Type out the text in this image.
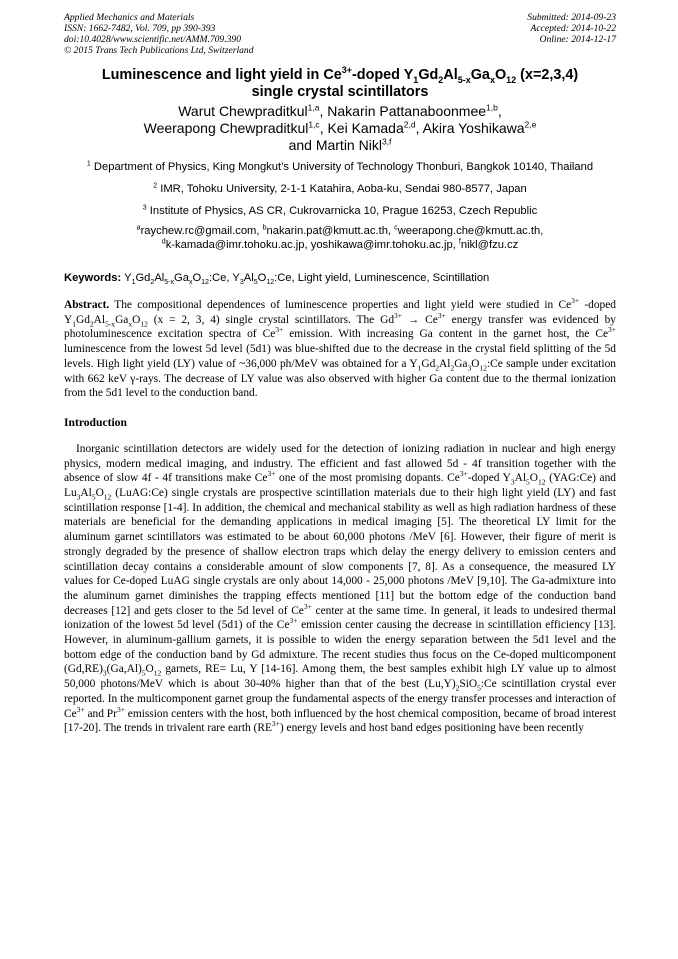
Applied Mechanics and Materials
ISSN: 1662-7482, Vol. 709, pp 390-393
doi:10.4028/www.scientific.net/AMM.709.390
© 2015 Trans Tech Publications Ltd, Switzerland
Submitted: 2014-09-23
Accepted: 2014-10-22
Online: 2014-12-17
Luminescence and light yield in $Ce^{3+}$-doped $Y_1Gd_2Al_{5-x}Ga_xO_{12}$ (x=2,3,4)
single crystal scintillators
Warut Chewpraditkul$^{1,a}$, Nakarin Pattanaboonmee$^{1,b}$,
Weerapong Chewpraditkul$^{1,c}$, Kei Kamada$^{2,d}$, Akira Yoshikawa$^{2,e}$
and Martin Nikl$^{3,f}$
$^1$ Department of Physics, King Mongkut’s University of Technology Thonburi, Bangkok 10140, Thailand
$^2$ IMR, Tohoku University, 2-1-1 Katahira, Aoba-ku, Sendai 980-8577, Japan
$^3$ Institute of Physics, AS CR, Cukrovarnicka 10, Prague 16253, Czech Republic
$^a$raychew.rc@gmail.com, $^b$nakarin.pat@kmutt.ac.th, $^c$weerapong.che@kmutt.ac.th,
$^d$k-kamada@imr.tohoku.ac.jp, yoshikawa@imr.tohoku.ac.jp, $^f$nikl@fzu.cz
Keywords: $Y_1Gd_2Al_{5-x}Ga_xO_{12}:Ce$, $Y_3Al_5O_{12}:Ce$, Light yield, Luminescence, Scintillation
Abstract. The compositional dependences of luminescence properties and light yield were studied in $Ce^{3+}$ -doped $Y_1Gd_2Al_{5-x}Ga_xO_{12}$ (x = 2, 3, 4) single crystal scintillators. The $Gd^{3+} \to Ce^{3+}$ energy transfer was evidenced by photoluminescence excitation spectra of $Ce^{3+}$ emission. With increasing Ga content in the garnet host, the $Ce^{3+}$ luminescence from the lowest 5d level (5d1) was blue-shifted due to the decrease in the crystal field splitting of the 5d levels. High light yield (LY) value of ~36,000 ph/MeV was obtained for a $Y_1Gd_2Al_2Ga_3O_{12}:Ce$ sample under excitation with 662 keV γ-rays. The decrease of LY value was also observed with higher Ga content due to the thermal ionization from the 5d1 level to the conduction band.
Introduction
Inorganic scintillation detectors are widely used for the detection of ionizing radiation in nuclear and high energy physics, modern medical imaging, and industry. The efficient and fast allowed 5d - 4f transition together with the absence of slow 4f - 4f transitions make $Ce^{3+}$ one of the most promising dopants. $Ce^{3+}$-doped $Y_3Al_5O_{12}$ (YAG:Ce) and $Lu_3Al_5O_{12}$ (LuAG:Ce) single crystals are prospective scintillation materials due to their high light yield (LY) and fast scintillation response [1-4]. In addition, the chemical and mechanical stability as well as high radiation hardness of these materials are beneficial for the demanding applications in medical imaging [5]. The theoretical LY limit for the aluminum garnet scintillators was estimated to be about 60,000 photons /MeV [6]. However, their figure of merit is strongly degraded by the presence of shallow electron traps which delay the energy delivery to emission centers and scintillation decay contains a considerable amount of slow components [7, 8]. As a consequence, the measured LY values for Ce-doped LuAG single crystals are only about 14,000 - 25,000 photons /MeV [9,10]. The Ga-admixture into the aluminum garnet diminishes the trapping effects mentioned [11] but the bottom edge of the conduction band decreases [12] and gets closer to the 5d level of $Ce^{3+}$ center at the same time. In general, it leads to undesired thermal ionization of the lowest 5d level (5d1) of the $Ce^{3+}$ emission center causing the decrease in scintillation efficiency [13]. However, in aluminum-gallium garnets, it is possible to widen the energy separation between the 5d1 level and the bottom edge of the conduction band by Gd admixture. The recent studies thus focus on the Ce-doped multicomponent $(Gd,RE)_3(Ga,Al)_5O_{12}$ garnets, RE= Lu, Y [14-16]. Among them, the best samples exhibit high LY value up to almost 50,000 photons/MeV which is about 30-40% higher than that of the best $(Lu,Y)_2SiO_5:Ce$ scintillation crystal ever reported. In the multicomponent garnet group the fundamental aspects of the energy transfer processes and interaction of $Ce^{3+}$ and $Pr^{3+}$ emission centers with the host, both influenced by the host chemical composition, became of broad interest [17-20]. The trends in trivalent rare earth $(RE^{3+})$ energy levels and host band edges positioning have been recently
